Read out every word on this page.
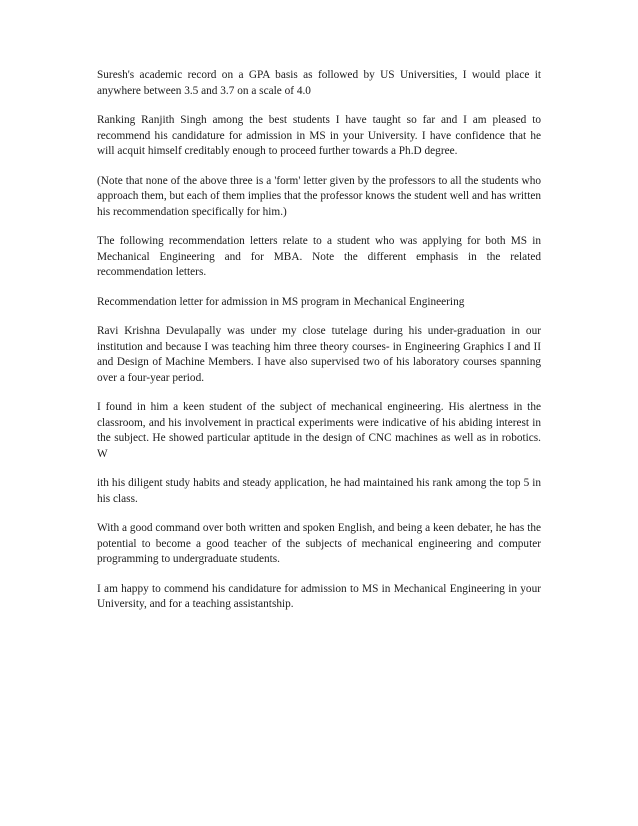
Suresh's academic record on a GPA basis as followed by US Universities, I would place it anywhere between 3.5 and 3.7 on a scale of 4.0

Ranking Ranjith Singh among the best students I have taught so far and I am pleased to recommend his candidature for admission in MS in your University. I have confidence that he will acquit himself creditably enough to proceed further towards a Ph.D degree.

(Note that none of the above three is a 'form' letter given by the professors to all the students who approach them, but each of them implies that the professor knows the student well and has written his recommendation specifically for him.)

The following recommendation letters relate to a student who was applying for both MS in Mechanical Engineering and for MBA. Note the different emphasis in the related recommendation letters.

Recommendation letter for admission in MS program in Mechanical Engineering

Ravi Krishna Devulapally was under my close tutelage during his under-graduation in our institution and because I was teaching him three theory courses- in Engineering Graphics I and II and Design of Machine Members. I have also supervised two of his laboratory courses spanning over a four-year period.

I found in him a keen student of the subject of mechanical engineering. His alertness in the classroom, and his involvement in practical experiments were indicative of his abiding interest in the subject. He showed particular aptitude in the design of CNC machines as well as in robotics. W

ith his diligent study habits and steady application, he had maintained his rank among the top 5 in his class.

With a good command over both written and spoken English, and being a keen debater, he has the potential to become a good teacher of the subjects of mechanical engineering and computer programming to undergraduate students.

I am happy to commend his candidature for admission to MS in Mechanical Engineering in your University, and for a teaching assistantship.
